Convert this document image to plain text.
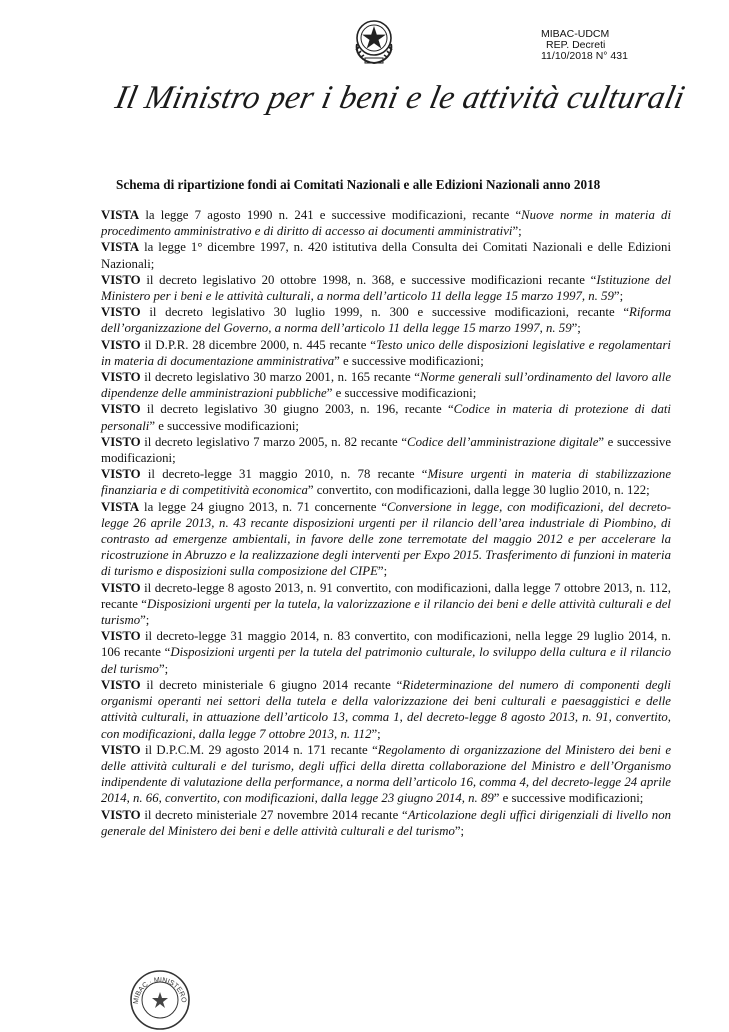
MIBAC-UDCM
REP. Decreti
11/10/2018 N° 431
Il Ministro per i beni e le attività culturali
Schema di ripartizione fondi ai Comitati Nazionali e alle Edizioni Nazionali anno 2018

VISTA la legge 7 agosto 1990 n. 241 e successive modificazioni, recante “Nuove norme in materia di procedimento amministrativo e di diritto di accesso ai documenti amministrativi”;

VISTA la legge 1° dicembre 1997, n. 420 istitutiva della Consulta dei Comitati Nazionali e delle Edizioni Nazionali;

VISTO il decreto legislativo 20 ottobre 1998, n. 368, e successive modificazioni recante “Istituzione del Ministero per i beni e le attività culturali, a norma dell’articolo 11 della legge 15 marzo 1997, n. 59”;

VISTO il decreto legislativo 30 luglio 1999, n. 300 e successive modificazioni, recante “Riforma dell’organizzazione del Governo, a norma dell’articolo 11 della legge 15 marzo 1997, n. 59”;

VISTO il D.P.R. 28 dicembre 2000, n. 445 recante “Testo unico delle disposizioni legislative e regolamentari in materia di documentazione amministrativa” e successive modificazioni;

VISTO il decreto legislativo 30 marzo 2001, n. 165 recante “Norme generali sull’ordinamento del lavoro alle dipendenze delle amministrazioni pubbliche” e successive modificazioni;

VISTO il decreto legislativo 30 giugno 2003, n. 196, recante “Codice in materia di protezione di dati personali” e successive modificazioni;

VISTO il decreto legislativo 7 marzo 2005, n. 82 recante “Codice dell’amministrazione digitale” e successive modificazioni;

VISTO il decreto-legge 31 maggio 2010, n. 78 recante “Misure urgenti in materia di stabilizzazione finanziaria e di competitività economica” convertito, con modificazioni, dalla legge 30 luglio 2010, n. 122;

VISTA la legge 24 giugno 2013, n. 71 concernente “Conversione in legge, con modificazioni, del decreto-legge 26 aprile 2013, n. 43 recante disposizioni urgenti per il rilancio dell’area industriale di Piombino, di contrasto ad emergenze ambientali, in favore delle zone terremotate del maggio 2012 e per accelerare la ricostruzione in Abruzzo e la realizzazione degli interventi per Expo 2015. Trasferimento di funzioni in materia di turismo e disposizioni sulla composizione del CIPE”;

VISTO il decreto-legge 8 agosto 2013, n. 91 convertito, con modificazioni, dalla legge 7 ottobre 2013, n. 112, recante “Disposizioni urgenti per la tutela, la valorizzazione e il rilancio dei beni e delle attività culturali e del turismo”;

VISTO il decreto-legge 31 maggio 2014, n. 83 convertito, con modificazioni, nella legge 29 luglio 2014, n. 106 recante “Disposizioni urgenti per la tutela del patrimonio culturale, lo sviluppo della cultura e il rilancio del turismo”;

VISTO il decreto ministeriale 6 giugno 2014 recante “Rideterminazione del numero di componenti degli organismi operanti nei settori della tutela e della valorizzazione dei beni culturali e paesaggistici e delle attività culturali, in attuazione dell’articolo 13, comma 1, del decreto-legge 8 agosto 2013, n. 91, convertito, con modificazioni, dalla legge 7 ottobre 2013, n. 112”;

VISTO il D.P.C.M. 29 agosto 2014 n. 171 recante “Regolamento di organizzazione del Ministero dei beni e delle attività culturali e del turismo, degli uffici della diretta collaborazione del Ministro e dell’Organismo indipendente di valutazione della performance, a norma dell’articolo 16, comma 4, del decreto-legge 24 aprile 2014, n. 66, convertito, con modificazioni, dalla legge 23 giugno 2014, n. 89” e successive modificazioni;

VISTO il decreto ministeriale 27 novembre 2014 recante “Articolazione degli uffici dirigenziali di livello non generale del Ministero dei beni e delle attività culturali e del turismo”;

MIBAC · MINISTERO
